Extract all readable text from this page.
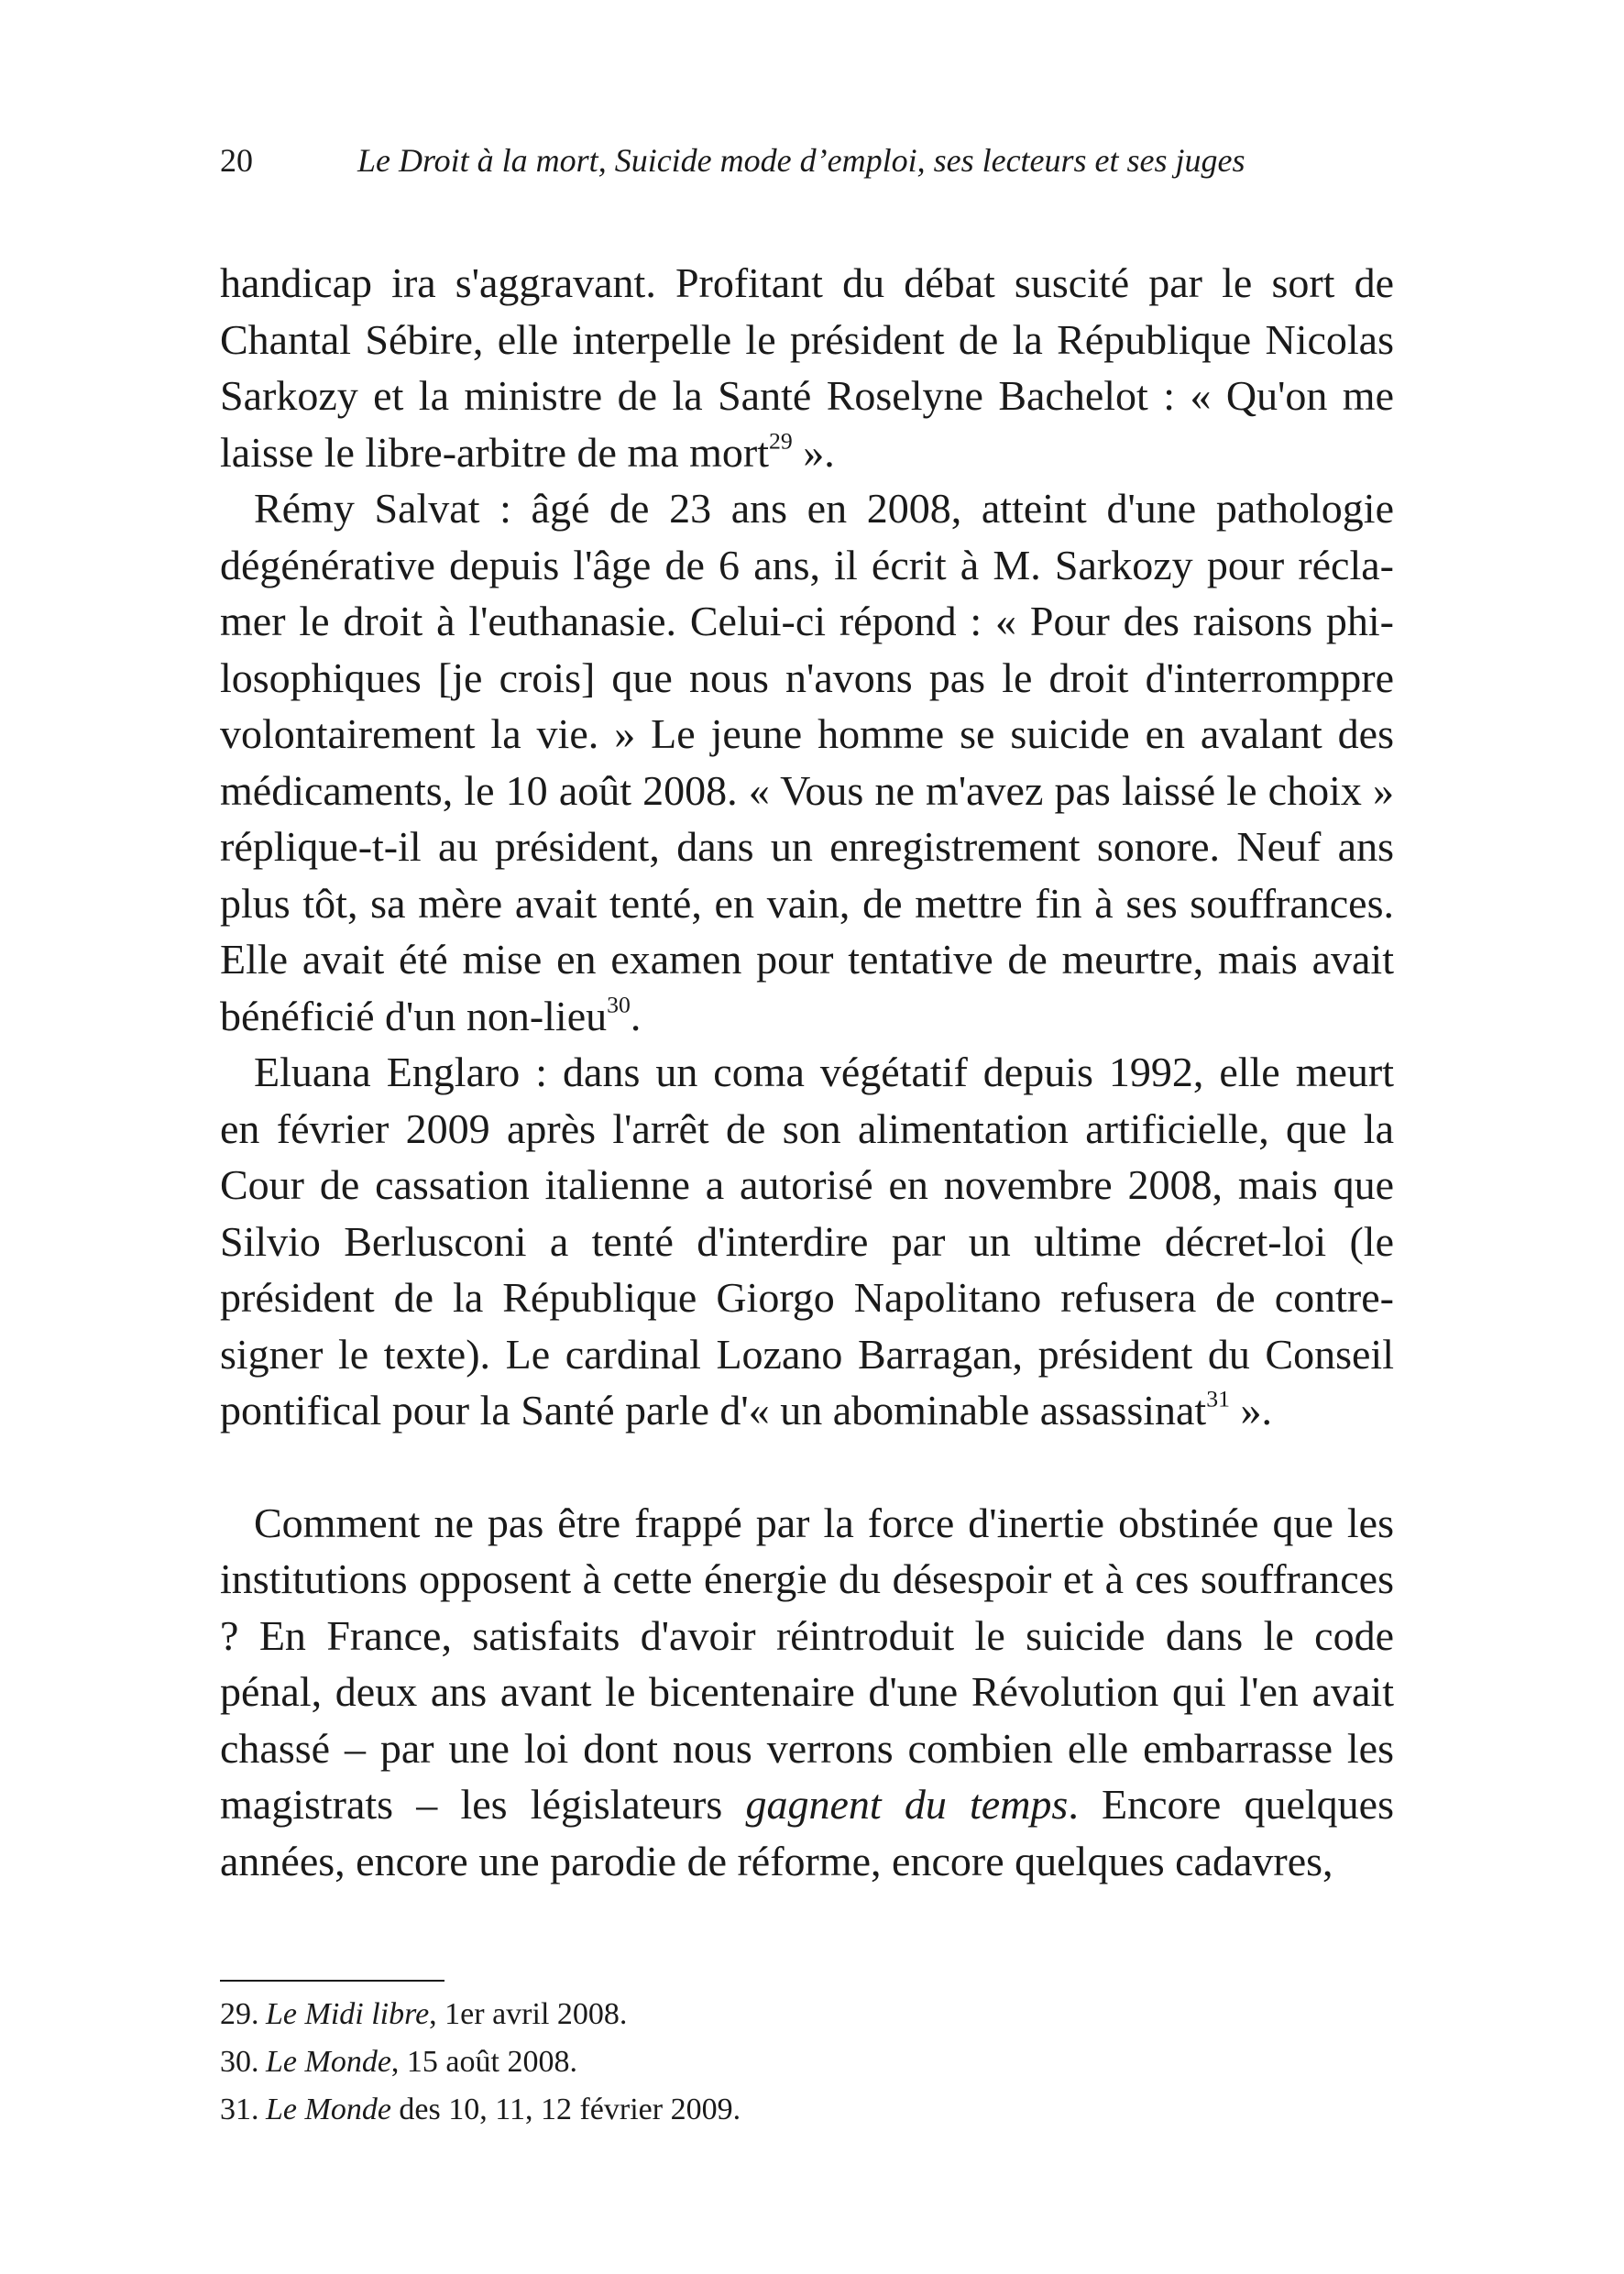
20	Le Droit à la mort, Suicide mode d’emploi, ses lecteurs et ses juges

handicap ira s'aggravant. Profitant du débat suscité par le sort de Chantal Sébire, elle interpelle le président de la République Nicolas Sarkozy et la ministre de la Santé Roselyne Bachelot : « Qu'on me laisse le libre-arbitre de ma mort$^{29}$ ».

Rémy Salvat : âgé de 23 ans en 2008, atteint d'une pathologie dégénérative depuis l'âge de 6 ans, il écrit à M. Sarkozy pour réclamer le droit à l'euthanasie. Celui-ci répond : « Pour des raisons philosophiques [je crois] que nous n'avons pas le droit d'interromppre volontairement la vie. » Le jeune homme se suicide en avalant des médicaments, le 10 août 2008. « Vous ne m'avez pas laissé le choix » réplique-t-il au président, dans un enregistrement sonore. Neuf ans plus tôt, sa mère avait tenté, en vain, de mettre fin à ses souffrances. Elle avait été mise en examen pour tentative de meurtre, mais avait bénéficié d'un non-lieu$^{30}$.

Eluana Englaro : dans un coma végétatif depuis 1992, elle meurt en février 2009 après l'arrêt de son alimentation artificielle, que la Cour de cassation italienne a autorisé en novembre 2008, mais que Silvio Berlusconi a tenté d'interdire par un ultime décret-loi (le président de la République Giorgo Napolitano refusera de contresigner le texte). Le cardinal Lozano Barragan, président du Conseil pontifical pour la Santé parle d'« un abominable assassinat$^{31}$ ».

Comment ne pas être frappé par la force d'inertie obstinée que les institutions opposent à cette énergie du désespoir et à ces souffrances ? En France, satisfaits d'avoir réintroduit le suicide dans le code pénal, deux ans avant le bicentenaire d'une Révolution qui l'en avait chassé – par une loi dont nous verrons combien elle embarrasse les magistrats – les législateurs gagnent du temps. Encore quelques années, encore une parodie de réforme, encore quelques cadavres,

29. Le Midi libre, 1er avril 2008.

30. Le Monde, 15 août 2008.

31. Le Monde des 10, 11, 12 février 2009.
